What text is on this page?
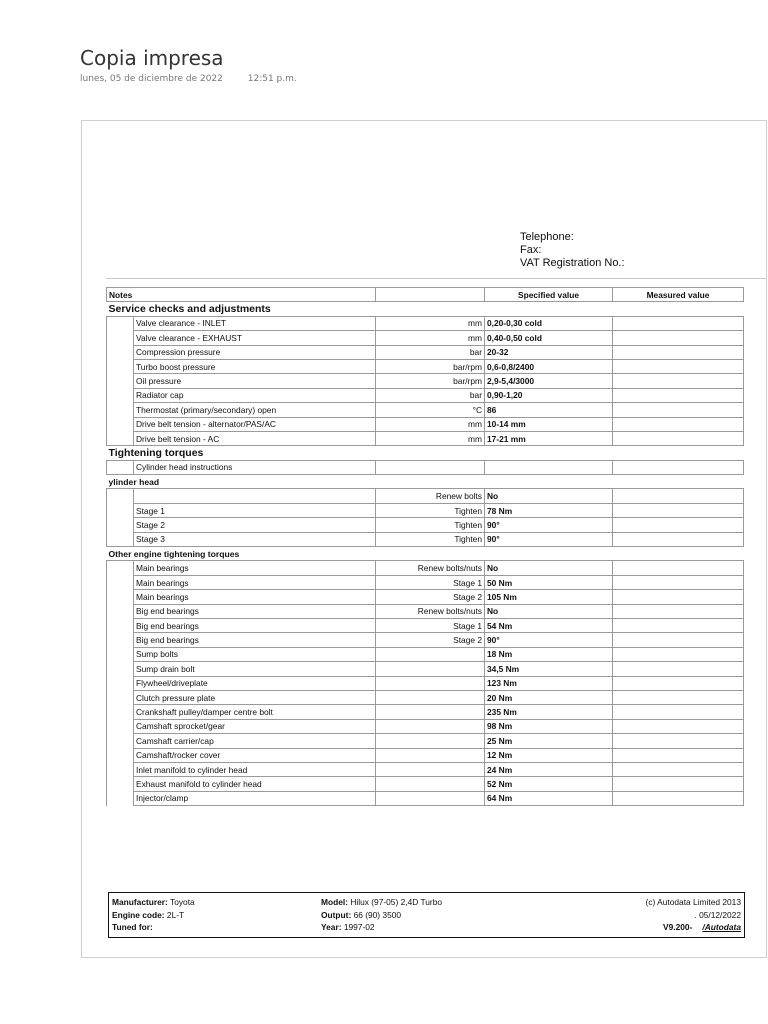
Copia impresa
lunes, 05 de diciembre de 2022	12:51 p.m.
Telephone:
Fax:
VAT Registration No.:
Notes			Specified value	Measured value
Service checks and adjustments				
	Valve clearance - INLET	mm	0,20-0,30 cold	
	Valve clearance - EXHAUST	mm	0,40-0,50 cold	
	Compression pressure	bar	20-32	
	Turbo boost pressure	bar/rpm	0,6-0,8/2400	
	Oil pressure	bar/rpm	2,9-5,4/3000	
	Radiator cap	bar	0,90-1,20	
	Thermostat (primary/secondary) open	°C	86	
	Drive belt tension - alternator/PAS/AC	mm	10-14 mm	
	Drive belt tension - AC	mm	17-21 mm	
Tightening torques				
	Cylinder head instructions			
ylinder head				
		Renew bolts	No	
	Stage 1	Tighten	78 Nm	
	Stage 2	Tighten	90°	
	Stage 3	Tighten	90°	
Other engine tightening torques				
	Main bearings	Renew bolts/nuts	No	
	Main bearings	Stage 1	50 Nm	
	Main bearings	Stage 2	105 Nm	
	Big end bearings	Renew bolts/nuts	No	
	Big end bearings	Stage 1	54 Nm	
	Big end bearings	Stage 2	90°	
	Sump bolts		18 Nm	
	Sump drain bolt		34,5 Nm	
	Flywheel/driveplate		123 Nm	
	Clutch pressure plate		20 Nm	
	Crankshaft pulley/damper centre bolt		235 Nm	
	Camshaft sprocket/gear		98 Nm	
	Camshaft carrier/cap		25 Nm	
	Camshaft/rocker cover		12 Nm	
	Inlet manifold to cylinder head		24 Nm	
	Exhaust manifold to cylinder head		52 Nm	
	Injector/clamp		64 Nm	
Manufacturer: Toyota
Engine code: 2L-T
Tuned for:
Model: Hilux (97-05) 2,4D Turbo
Output: 66 (90) 3500
Year: 1997-02
(c) Autodata Limited 2013
. 05/12/2022
V9.200- /Autodata
